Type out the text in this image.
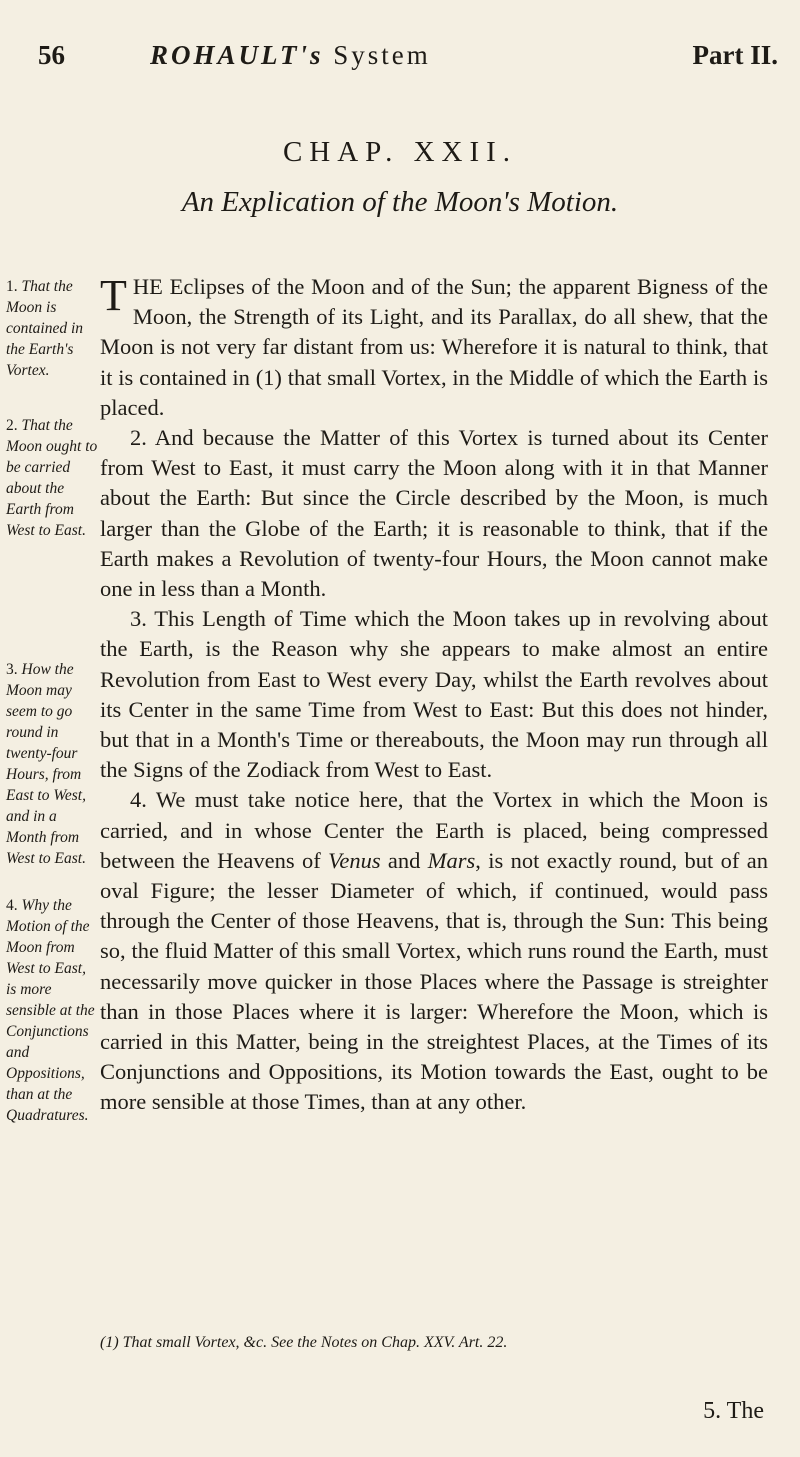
56	ROHAULT's System	Part II.
CHAP. XXII.
An Explication of the Moon's Motion.
1. That the Moon is contained in the Earth's Vortex.
2. That the Moon ought to be carried about the Earth from West to East.
3. How the Moon may seem to go round in twenty-four Hours, from East to West, and in a Month from West to East.
4. Why the Motion of the Moon from West to East, is more sensible at the Conjunctions and Oppositions, than at the Quadratures.

THE Eclipses of the Moon and of the Sun; the apparent Bigness of the Moon, the Strength of its Light, and its Parallax, do all shew, that the Moon is not very far distant from us: Wherefore it is natural to think, that it is contained in (1) that small Vortex, in the Middle of which the Earth is placed.

2. And because the Matter of this Vortex is turned about its Center from West to East, it must carry the Moon along with it in that Manner about the Earth: But since the Circle described by the Moon, is much larger than the Globe of the Earth; it is reasonable to think, that if the Earth makes a Revolution of twenty-four Hours, the Moon cannot make one in less than a Month.

3. This Length of Time which the Moon takes up in revolving about the Earth, is the Reason why she appears to make almost an entire Revolution from East to West every Day, whilst the Earth revolves about its Center in the same Time from West to East: But this does not hinder, but that in a Month's Time or thereabouts, the Moon may run through all the Signs of the Zodiack from West to East.

4. We must take notice here, that the Vortex in which the Moon is carried, and in whose Center the Earth is placed, being compressed between the Heavens of Venus and Mars, is not exactly round, but of an oval Figure; the lesser Diameter of which, if continued, would pass through the Center of those Heavens, that is, through the Sun: This being so, the fluid Matter of this small Vortex, which runs round the Earth, must necessarily move quicker in those Places where the Passage is streighter than in those Places where it is larger: Wherefore the Moon, which is carried in this Matter, being in the streightest Places, at the Times of its Conjunctions and Oppositions, its Motion towards the East, ought to be more sensible at those Times, than at any other.

(1) That small Vortex, &c. See the Notes on Chap. XXV. Art. 22.
5. The
